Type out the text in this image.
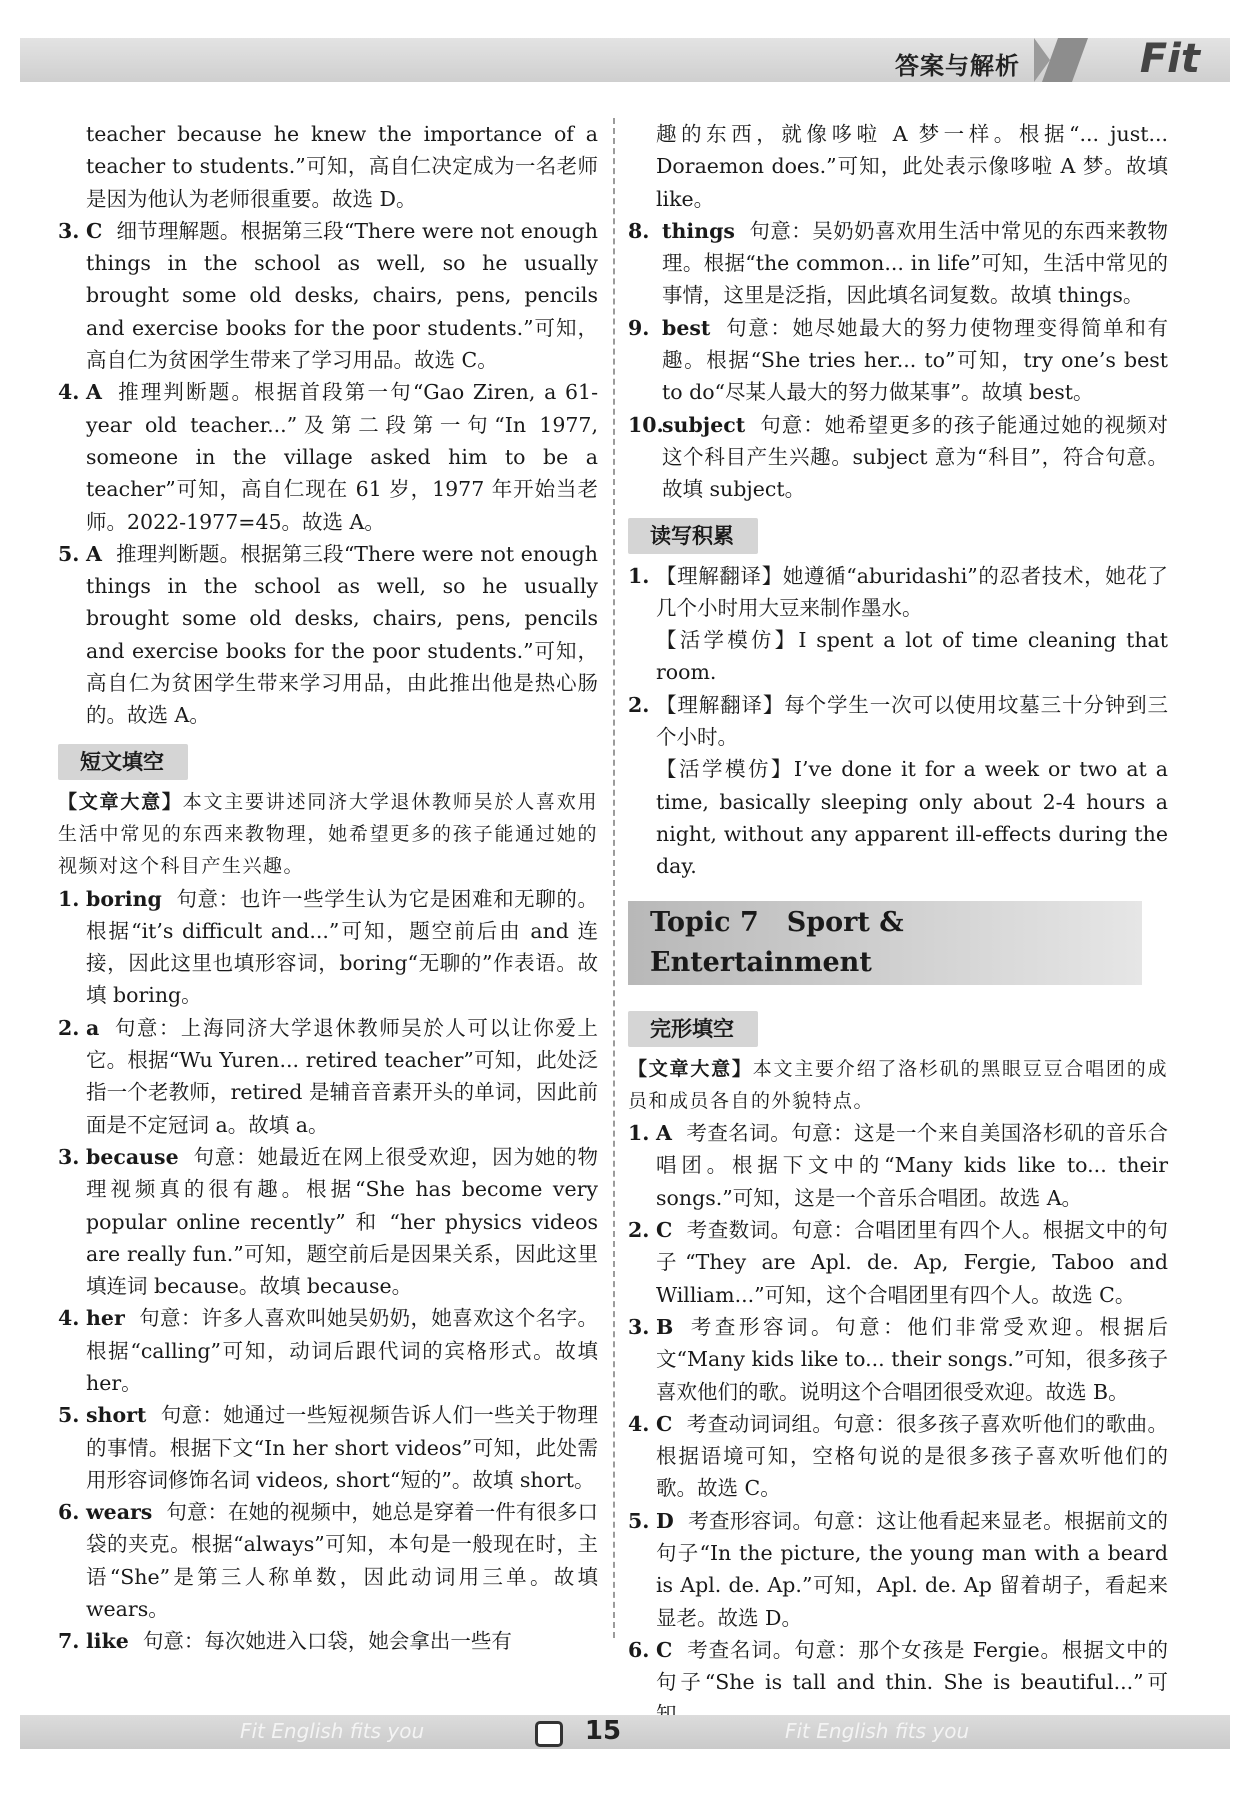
答案与解析	Fit

teacher because he knew the importance of a teacher to students.”可知，高自仁决定成为一名老师是因为他认为老师很重要。故选 D。

3. C 细节理解题。根据第三段“There were not enough things in the school as well, so he usually brought some old desks, chairs, pens, pencils and exercise books for the poor students.”可知，高自仁为贫困学生带来了学习用品。故选 C。

4. A 推理判断题。根据首段第一句“Gao Ziren, a 61-year old teacher...”及第二段第一句“In 1977, someone in the village asked him to be a teacher”可知，高自仁现在 61 岁，1977 年开始当老师。2022-1977=45。故选 A。

5. A 推理判断题。根据第三段“There were not enough things in the school as well, so he usually brought some old desks, chairs, pens, pencils and exercise books for the poor students.”可知，高自仁为贫困学生带来学习用品，由此推出他是热心肠的。故选 A。

短文填空

【文章大意】本文主要讲述同济大学退休教师吴於人喜欢用生活中常见的东西来教物理，她希望更多的孩子能通过她的视频对这个科目产生兴趣。

1. boring 句意：也许一些学生认为它是困难和无聊的。根据“it’s difficult and...”可知，题空前后由 and 连接，因此这里也填形容词，boring“无聊的”作表语。故填 boring。

2. a 句意：上海同济大学退休教师吴於人可以让你爱上它。根据“Wu Yuren... retired teacher”可知，此处泛指一个老教师，retired 是辅音音素开头的单词，因此前面是不定冠词 a。故填 a。

3. because 句意：她最近在网上很受欢迎，因为她的物理视频真的很有趣。根据“She has become very popular online recently” 和 “her physics videos are really fun.”可知，题空前后是因果关系，因此这里填连词 because。故填 because。

4. her 句意：许多人喜欢叫她吴奶奶，她喜欢这个名字。根据“calling”可知，动词后跟代词的宾格形式。故填 her。

5. short 句意：她通过一些短视频告诉人们一些关于物理的事情。根据下文“In her short videos”可知，此处需用形容词修饰名词 videos, short“短的”。故填 short。

6. wears 句意：在她的视频中，她总是穿着一件有很多口袋的夹克。根据“always”可知，本句是一般现在时，主语“She”是第三人称单数，因此动词用三单。故填 wears。

7. like 句意：每次她进入口袋，她会拿出一些有

趣的东西，就像哆啦 A 梦一样。根据“... just... Doraemon does.”可知，此处表示像哆啦 A 梦。故填 like。

8. things 句意：吴奶奶喜欢用生活中常见的东西来教物理。根据“the common... in life”可知，生活中常见的事情，这里是泛指，因此填名词复数。故填 things。

9. best 句意：她尽她最大的努力使物理变得简单和有趣。根据“She tries her... to”可知，try one’s best to do“尽某人最大的努力做某事”。故填 best。

10.
subject 句意：她希望更多的孩子能通过她的视频对这个科目产生兴趣。subject 意为“科目”，符合句意。故填 subject。

读写积累

1. 【理解翻译】她遵循“aburidashi”的忍者技术，她花了几个小时用大豆来制作墨水。
【活学模仿】I spent a lot of time cleaning that room.

2. 【理解翻译】每个学生一次可以使用坟墓三十分钟到三个小时。
【活学模仿】I’ve done it for a week or two at a time, basically sleeping only about 2-4 hours a night, without any apparent ill-effects during the day.

Topic 7 Sport & Entertainment
完形填空

【文章大意】本文主要介绍了洛杉矶的黑眼豆豆合唱团的成员和成员各自的外貌特点。

1. A 考查名词。句意：这是一个来自美国洛杉矶的音乐合唱团。根据下文中的“Many kids like to... their songs.”可知，这是一个音乐合唱团。故选 A。

2. C 考查数词。句意：合唱团里有四个人。根据文中的句子“They are Apl. de. Ap, Fergie, Taboo and William...”可知，这个合唱团里有四个人。故选 C。

3. B 考查形容词。句意：他们非常受欢迎。根据后文“Many kids like to... their songs.”可知，很多孩子喜欢他们的歌。说明这个合唱团很受欢迎。故选 B。

4. C 考查动词词组。句意：很多孩子喜欢听他们的歌曲。根据语境可知，空格句说的是很多孩子喜欢听他们的歌。故选 C。

5. D 考查形容词。句意：这让他看起来显老。根据前文的句子“In the picture, the young man with a beard is Apl. de. Ap.”可知，Apl. de. Ap 留着胡子，看起来显老。故选 D。

6. C 考查名词。句意：那个女孩是 Fergie。根据文中的句子“She is tall and thin. She is beautiful...”可

Fit English fits you	15	Fit English fits you
